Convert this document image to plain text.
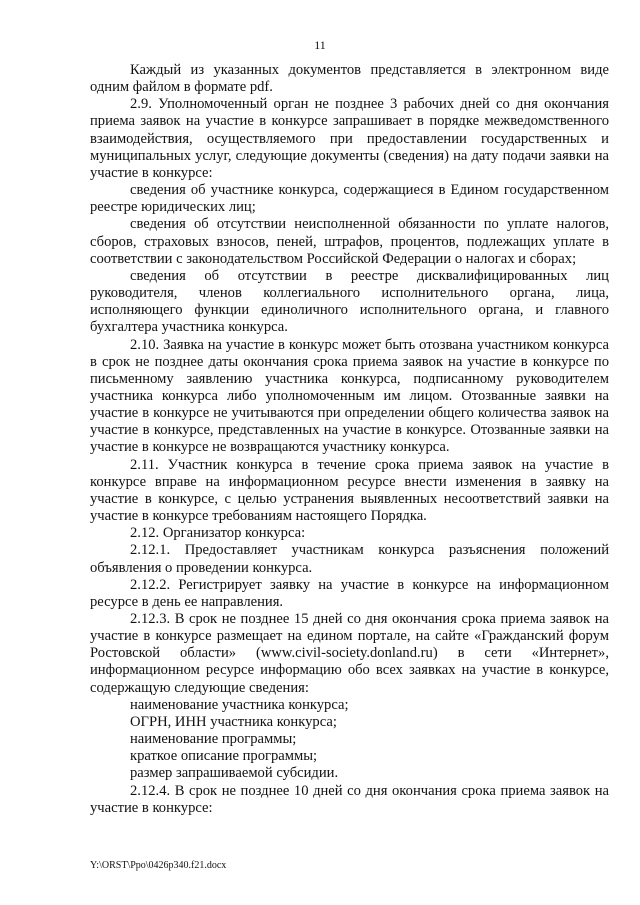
11

Каждый из указанных документов представляется в электронном виде одним файлом в формате pdf.

2.9. Уполномоченный орган не позднее 3 рабочих дней со дня окончания приема заявок на участие в конкурсе запрашивает в порядке межведомственного взаимодействия, осуществляемого при предоставлении государственных и муниципальных услуг, следующие документы (сведения) на дату подачи заявки на участие в конкурсе:

сведения об участнике конкурса, содержащиеся в Едином государственном реестре юридических лиц;

сведения об отсутствии неисполненной обязанности по уплате налогов, сборов, страховых взносов, пеней, штрафов, процентов, подлежащих уплате в соответствии с законодательством Российской Федерации о налогах и сборах;

сведения об отсутствии в реестре дисквалифицированных лиц руководителя, членов коллегиального исполнительного органа, лица, исполняющего функции единоличного исполнительного органа, и главного бухгалтера участника конкурса.

2.10. Заявка на участие в конкурс может быть отозвана участником конкурса в срок не позднее даты окончания срока приема заявок на участие в конкурсе по письменному заявлению участника конкурса, подписанному руководителем участника конкурса либо уполномоченным им лицом. Отозванные заявки на участие в конкурсе не учитываются при определении общего количества заявок на участие в конкурсе, представленных на участие в конкурсе. Отозванные заявки на участие в конкурсе не возвращаются участнику конкурса.

2.11. Участник конкурса в течение срока приема заявок на участие в конкурсе вправе на информационном ресурсе внести изменения в заявку на участие в конкурсе, с целью устранения выявленных несоответствий заявки на участие в конкурсе требованиям настоящего Порядка.

2.12. Организатор конкурса:

2.12.1. Предоставляет участникам конкурса разъяснения положений объявления о проведении конкурса.

2.12.2. Регистрирует заявку на участие в конкурсе на информационном ресурсе в день ее направления.

2.12.3. В срок не позднее 15 дней со дня окончания срока приема заявок на участие в конкурсе размещает на едином портале, на сайте «Гражданский форум Ростовской области» (www.civil-society.donland.ru) в сети «Интернет», информационном ресурсе информацию обо всех заявках на участие в конкурсе, содержащую следующие сведения:

наименование участника конкурса;

ОГРН, ИНН участника конкурса;

наименование программы;

краткое описание программы;

размер запрашиваемой субсидии.

2.12.4. В срок не позднее 10 дней со дня окончания срока приема заявок на участие в конкурсе:

Y:\ORST\Ppo\0426p340.f21.docx
